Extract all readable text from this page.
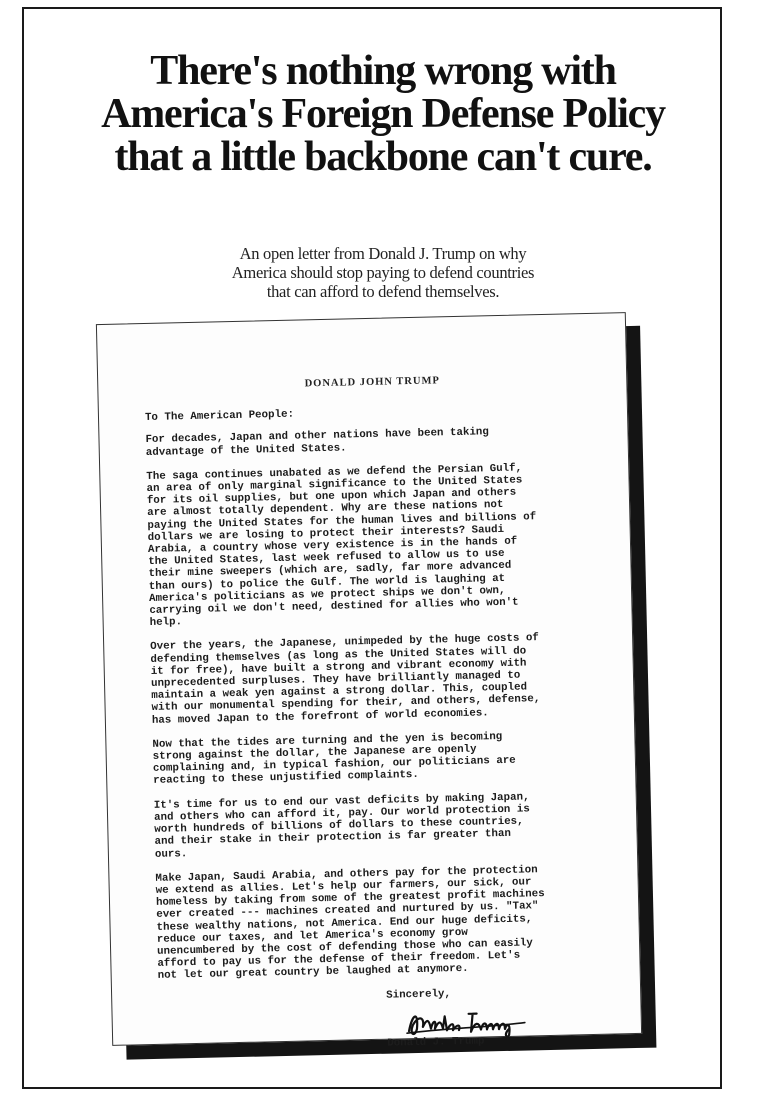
There's nothing wrong with
America's Foreign Defense Policy
that a little backbone can't cure.

An open letter from Donald J. Trump on why
America should stop paying to defend countries
that can afford to defend themselves.

DONALD JOHN TRUMP

To The American People:

For decades, Japan and other nations have been taking
advantage of the United States.

The saga continues unabated as we defend the Persian Gulf,
an area of only marginal significance to the United States
for its oil supplies, but one upon which Japan and others
are almost totally dependent. Why are these nations not
paying the United States for the human lives and billions of
dollars we are losing to protect their interests? Saudi
Arabia, a country whose very existence is in the hands of
the United States, last week refused to allow us to use
their mine sweepers (which are, sadly, far more advanced
than ours) to police the Gulf. The world is laughing at
America's politicians as we protect ships we don't own,
carrying oil we don't need, destined for allies who won't
help.

Over the years, the Japanese, unimpeded by the huge costs of
defending themselves (as long as the United States will do
it for free), have built a strong and vibrant economy with
unprecedented surpluses. They have brilliantly managed to
maintain a weak yen against a strong dollar. This, coupled
with our monumental spending for their, and others, defense,
has moved Japan to the forefront of world economies.

Now that the tides are turning and the yen is becoming
strong against the dollar, the Japanese are openly
complaining and, in typical fashion, our politicians are
reacting to these unjustified complaints.

It's time for us to end our vast deficits by making Japan,
and others who can afford it, pay. Our world protection is
worth hundreds of billions of dollars to these countries,
and their stake in their protection is far greater than
ours.

Make Japan, Saudi Arabia, and others pay for the protection
we extend as allies. Let's help our farmers, our sick, our
homeless by taking from some of the greatest profit machines
ever created --- machines created and nurtured by us. "Tax"
these wealthy nations, not America. End our huge deficits,
reduce our taxes, and let America's economy grow
unencumbered by the cost of defending those who can easily
afford to pay us for the defense of their freedom. Let's
not let our great country be laughed at anymore.

Sincerely,
Donald J. Trump
